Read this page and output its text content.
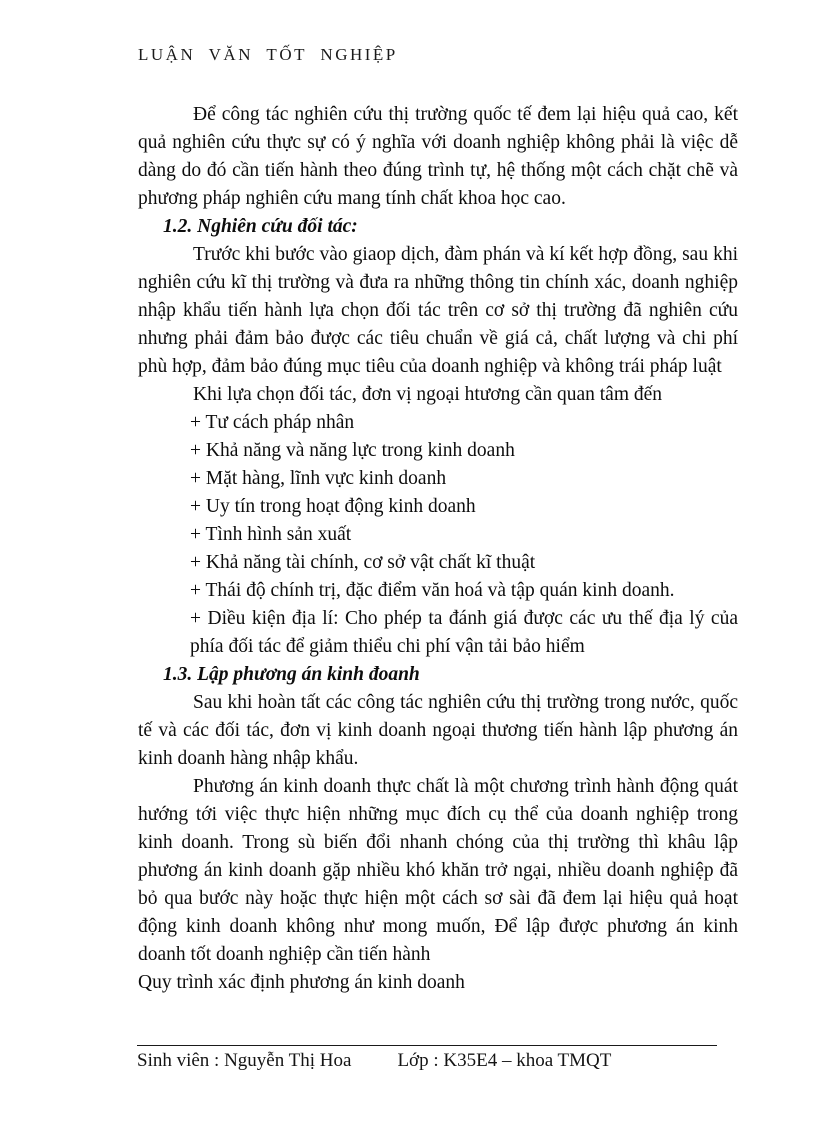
LUẬN VĂN TỐT NGHIỆP

Để công tác nghiên cứu thị trường quốc tế đem lại hiệu quả cao, kết quả nghiên cứu thực sự có ý nghĩa với doanh nghiệp không phải là việc dễ dàng do đó cần tiến hành theo đúng trình tự, hệ thống một cách chặt chẽ và phương pháp nghiên cứu mang tính chất khoa học cao.

1.2. Nghiên cứu đối tác:

Trước khi bước vào giaop dịch, đàm phán và kí kết hợp đồng, sau khi nghiên cứu kĩ thị trường và đưa ra những thông tin chính xác, doanh nghiệp nhập khẩu tiến hành lựa chọn đối tác trên cơ sở thị trường đã nghiên cứu nhưng phải đảm bảo được các tiêu chuẩn về giá cả, chất lượng và chi phí phù hợp, đảm bảo đúng mục tiêu của doanh nghiệp và không trái pháp luật

Khi lựa chọn đối tác, đơn vị ngoại htương cần quan tâm đến

+ Tư cách pháp nhân

+ Khả năng và năng lực trong kinh doanh

+ Mặt hàng, lĩnh vực kinh doanh

+ Uy tín trong hoạt động kinh doanh

+ Tình hình sản xuất

+ Khả năng tài chính, cơ sở vật chất kĩ thuật

+ Thái độ chính trị, đặc điểm văn hoá và tập quán kinh doanh.

+ Diều kiện địa lí: Cho phép ta đánh giá được các ưu thế địa lý của phía đối tác để giảm thiểu chi phí vận tải bảo hiểm

1.3. Lập phương án kinh đoanh

Sau khi hoàn tất các công tác nghiên cứu thị trường trong nước, quốc tế và các đối tác, đơn vị kinh doanh ngoại thương tiến hành lập phương án kinh doanh hàng nhập khẩu.

Phương án kinh doanh thực chất là một chương trình hành động quát hướng tới việc thực hiện những mục đích cụ thể của doanh nghiệp trong kinh doanh. Trong sù biến đổi nhanh chóng của thị trường thì khâu lập phương án kinh doanh gặp nhiều khó khăn trở ngại, nhiều doanh nghiệp đã bỏ qua bước này hoặc thực hiện một cách sơ sài đã đem lại hiệu quả hoạt động kinh doanh không như mong muốn, Để lập được phương án kinh doanh tốt doanh nghiệp cần tiến hành

Quy trình xác định phương án kinh doanh

Sinh viên : Nguyễn Thị Hoa Lớp : K35E4 – khoa TMQT
